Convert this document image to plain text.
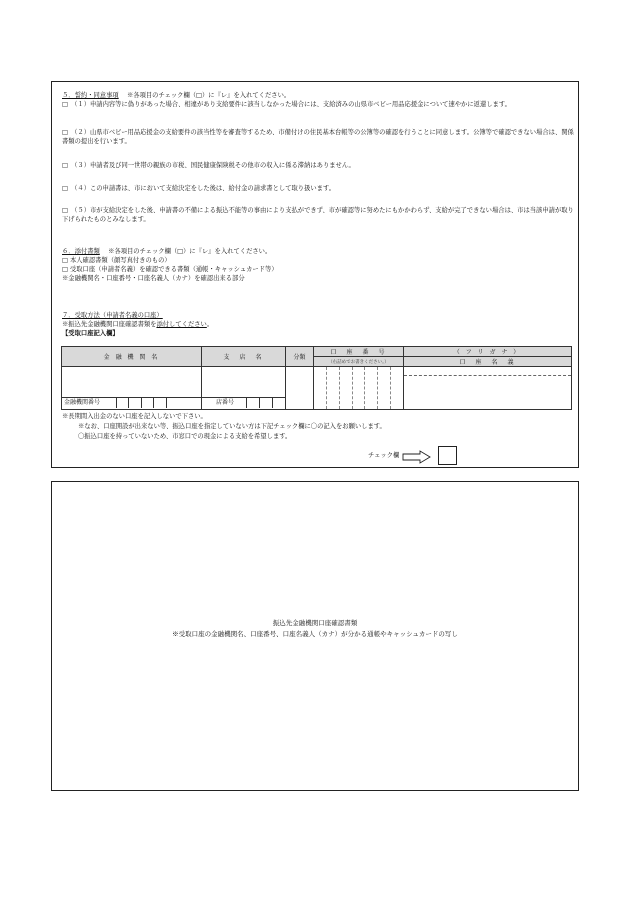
５．誓約・同意事項　 ※各項目のチェック欄（□）に『レ』を入れてください。
□　（１）申請内容等に偽りがあった場合、相違があり支給要件に該当しなかった場合には、支給済みの山県市ベビー用品応援金について速やかに返還します。
□　（２）山県市ベビー用品応援金の支給要件の該当性等を審査等するため、市備付けの住民基本台帳等の公簿等の確認を行うことに同意します。公簿等で確認できない場合は、関係書類の提出を行います。
□　（３）申請者及び同一世帯の親族の市税、国民健康保険税その他市の収入に係る滞納はありません。
□　（４）この申請書は、市において支給決定をした後は、給付金の請求書として取り扱います。
□　（５）市が支給決定をした後、申請書の不備による振込不能等の事由により支払ができず、市が確認等に努めたにもかかわらず、支給が完了できない場合は、市は当該申請が取り下げられたものとみなします。
６．添付書類　 ※各項目のチェック欄（□）に『レ』を入れてください。
□ 本人確認書類（顔写真付きのもの）
□ 受取口座（申請者名義）を確認できる書類（通帳・キャッシュカード等）
※金融機関名・口座番号・口座名義人（カナ）を確認出来る部分
７．受取方法（申請者名義の口座）
※振込先金融機関口座確認書類を添付してください。
【受取口座記入欄】
金 融 機 関 名	支　店　名	分類	口　座　番　号	（ フ リ ガ ナ ）
			（右詰めでお書きください。）	口　座　名　義

金融機関番号	店番号			
※長期間入出金のない口座を記入しないで下さい。
※なお、口座開設が出来ない等、振込口座を指定していない方は下記チェック欄に〇の記入をお願いします。
〇振込口座を持っていないため、市窓口での現金による支給を希望します。
チェック欄
振込先金融機関口座確認書類
※受取口座の金融機関名、口座番号、口座名義人（カナ）が分かる通帳やキャッシュカードの写し
